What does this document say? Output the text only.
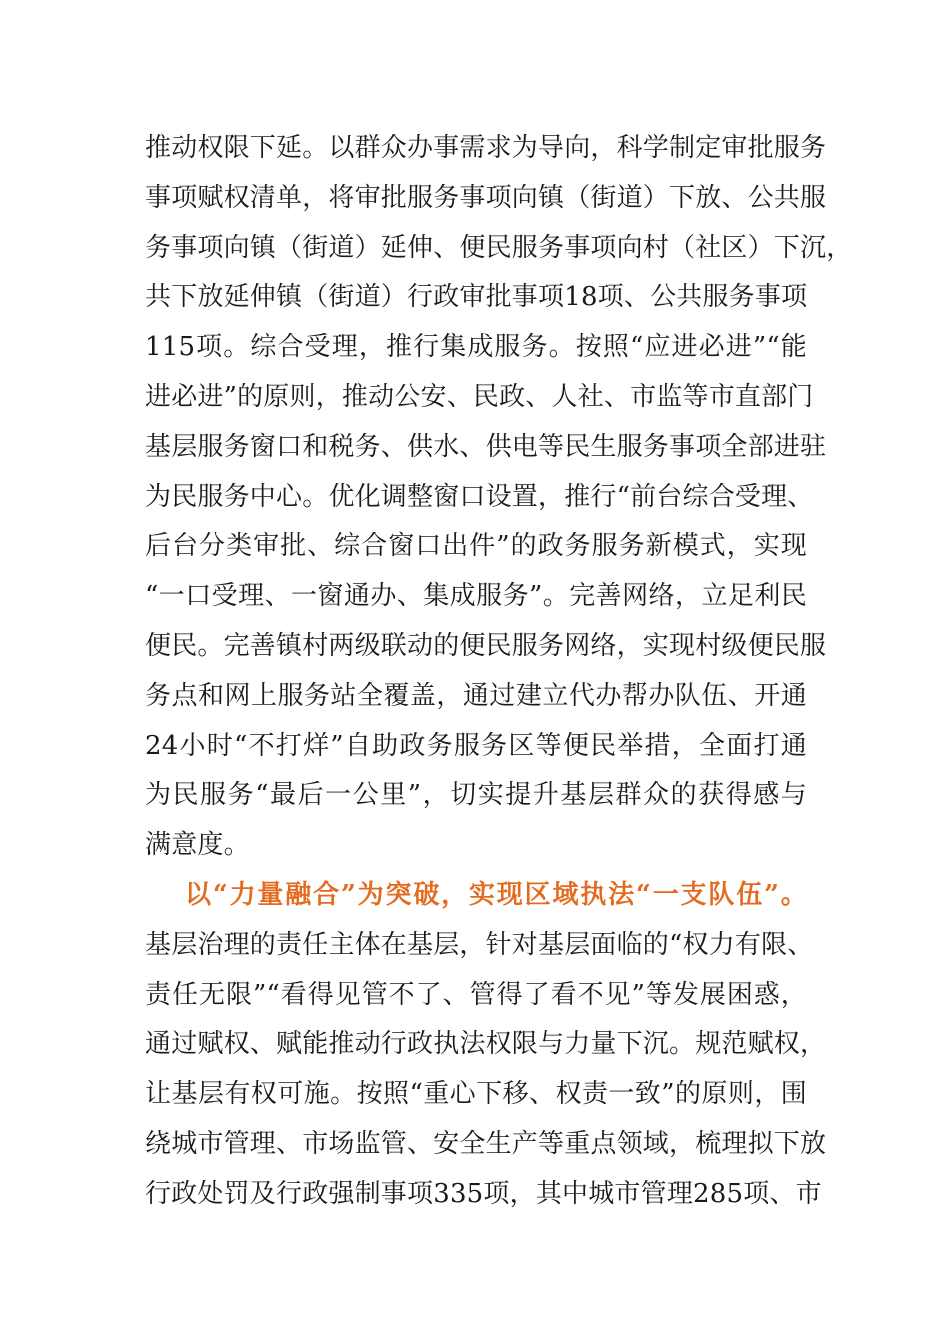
推动权限下延。以群众办事需求为导向，科学制定审批服务
事项赋权清单，将审批服务事项向镇（街道）下放、公共服
务事项向镇（街道）延伸、便民服务事项向村（社区）下沉，
共下放延伸镇（街道）行政审批事项18项、公共服务事项
115项。综合受理，推行集成服务。按照“应进必进”“能
进必进”的原则，推动公安、民政、人社、市监等市直部门
基层服务窗口和税务、供水、供电等民生服务事项全部进驻
为民服务中心。优化调整窗口设置，推行“前台综合受理、
后台分类审批、综合窗口出件”的政务服务新模式，实现
“一口受理、一窗通办、集成服务”。完善网络，立足利民
便民。完善镇村两级联动的便民服务网络，实现村级便民服
务点和网上服务站全覆盖，通过建立代办帮办队伍、开通
24小时“不打烊”自助政务服务区等便民举措，全面打通
为民服务“最后一公里”，切实提升基层群众的获得感与
满意度。
以“力量融合”为突破，实现区域执法“一支队伍”。
基层治理的责任主体在基层，针对基层面临的“权力有限、
责任无限”“看得见管不了、管得了看不见”等发展困惑，
通过赋权、赋能推动行政执法权限与力量下沉。规范赋权，
让基层有权可施。按照“重心下移、权责一致”的原则，围
绕城市管理、市场监管、安全生产等重点领域，梳理拟下放
行政处罚及行政强制事项335项，其中城市管理285项、市
